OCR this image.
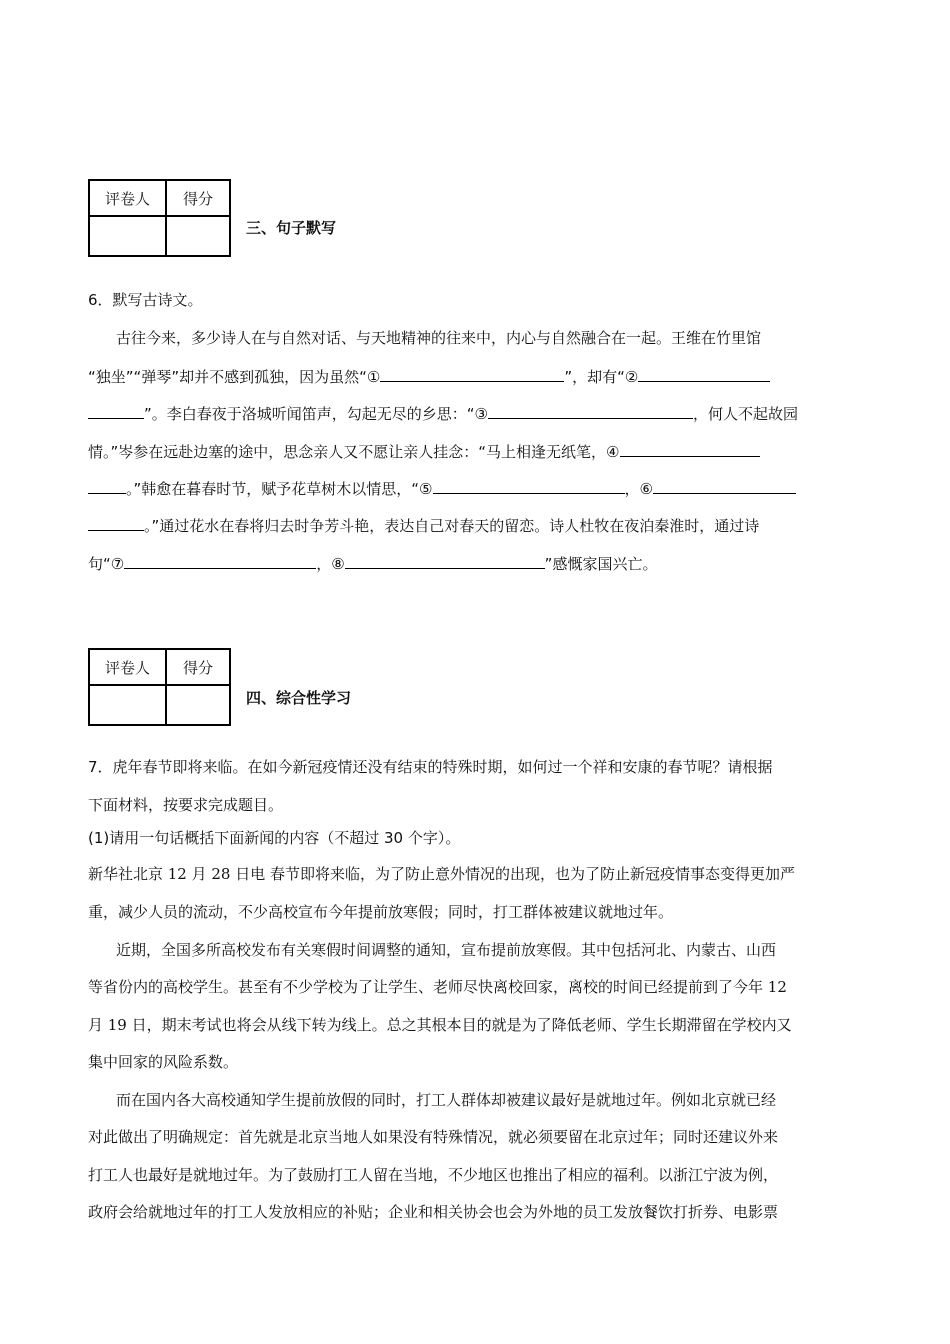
评卷人	得分

三、句子默写
6．默写古诗文。
古往今来，多少诗人在与自然对话、与天地精神的往来中，内心与自然融合在一起。王维在竹里馆
“独坐”“弹琴”却并不感到孤独，因为虽然“①	”，却有“②
”。李白春夜于洛城听闻笛声，勾起无尽的乡思：“③	，何人不起故园
情。”岑参在远赴边塞的途中，思念亲人又不愿让亲人挂念：“马上相逢无纸笔，④
。”韩愈在暮春时节，赋予花草树木以情思，“⑤	，⑥
。”通过花水在春将归去时争芳斗艳，表达自己对春天的留恋。诗人杜牧在夜泊秦淮时，通过诗
句“⑦	，⑧	”感慨家国兴亡。
评卷人	得分

四、综合性学习
7．虎年春节即将来临。在如今新冠疫情还没有结束的特殊时期，如何过一个祥和安康的春节呢？请根据
下面材料，按要求完成题目。
(1)请用一句话概括下面新闻的内容（不超过 30 个字）。
新华社北京 12 月 28 日电 春节即将来临，为了防止意外情况的出现，也为了防止新冠疫情事态变得更加严
重，减少人员的流动，不少高校宣布今年提前放寒假；同时，打工群体被建议就地过年。
近期，全国多所高校发布有关寒假时间调整的通知，宣布提前放寒假。其中包括河北、内蒙古、山西
等省份内的高校学生。甚至有不少学校为了让学生、老师尽快离校回家，离校的时间已经提前到了今年 12
月 19 日，期末考试也将会从线下转为线上。总之其根本目的就是为了降低老师、学生长期滞留在学校内又
集中回家的风险系数。
而在国内各大高校通知学生提前放假的同时，打工人群体却被建议最好是就地过年。例如北京就已经
对此做出了明确规定：首先就是北京当地人如果没有特殊情况，就必须要留在北京过年；同时还建议外来
打工人也最好是就地过年。为了鼓励打工人留在当地，不少地区也推出了相应的福利。以浙江宁波为例，
政府会给就地过年的打工人发放相应的补贴；企业和相关协会也会为外地的员工发放餐饮打折券、电影票
